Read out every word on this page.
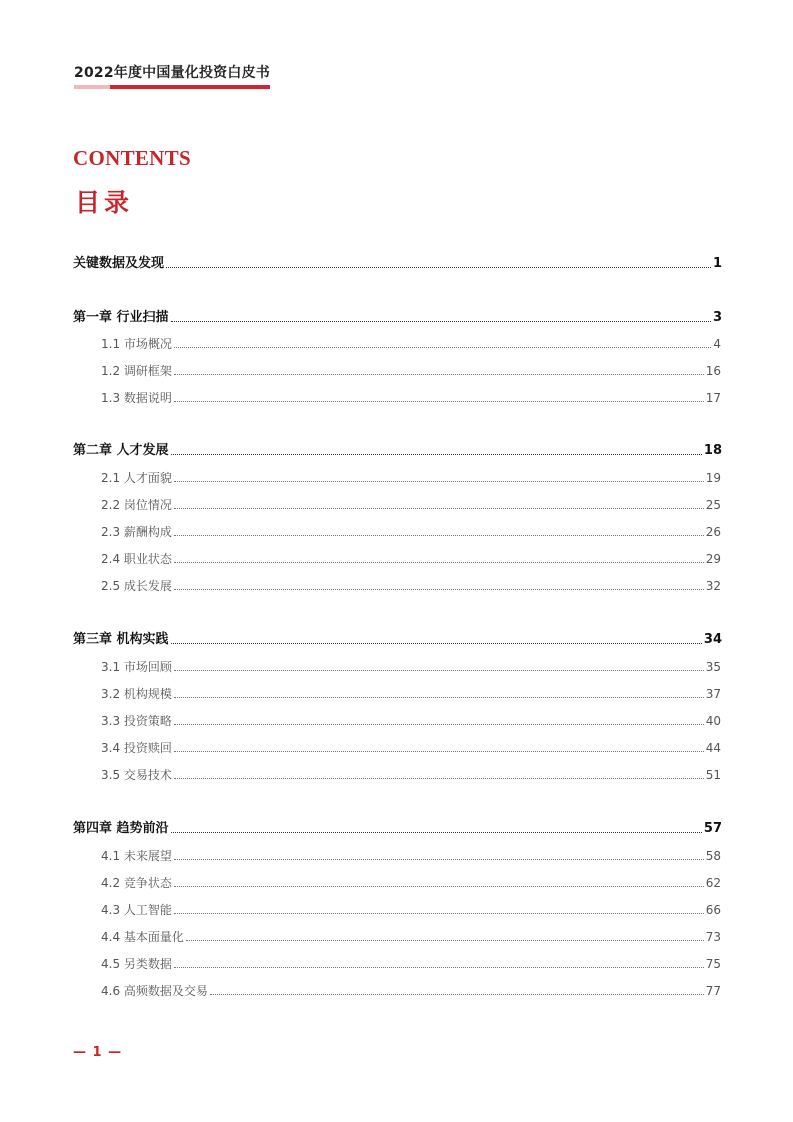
2022年度中国量化投资白皮书
CONTENTS
目录
关键数据及发现	1
第一章 行业扫描	3
1.1 市场概况	4
1.2 调研框架	16
1.3 数据说明	17
第二章 人才发展	18
2.1 人才面貌	19
2.2 岗位情况	25
2.3 薪酬构成	26
2.4 职业状态	29
2.5 成长发展	32
第三章 机构实践	34
3.1 市场回顾	35
3.2 机构规模	37
3.3 投资策略	40
3.4 投资赎回	44
3.5 交易技术	51
第四章 趋势前沿	57
4.1 未来展望	58
4.2 竞争状态	62
4.3 人工智能	66
4.4 基本面量化	73
4.5 另类数据	75
4.6 高频数据及交易	77
— 1 —
